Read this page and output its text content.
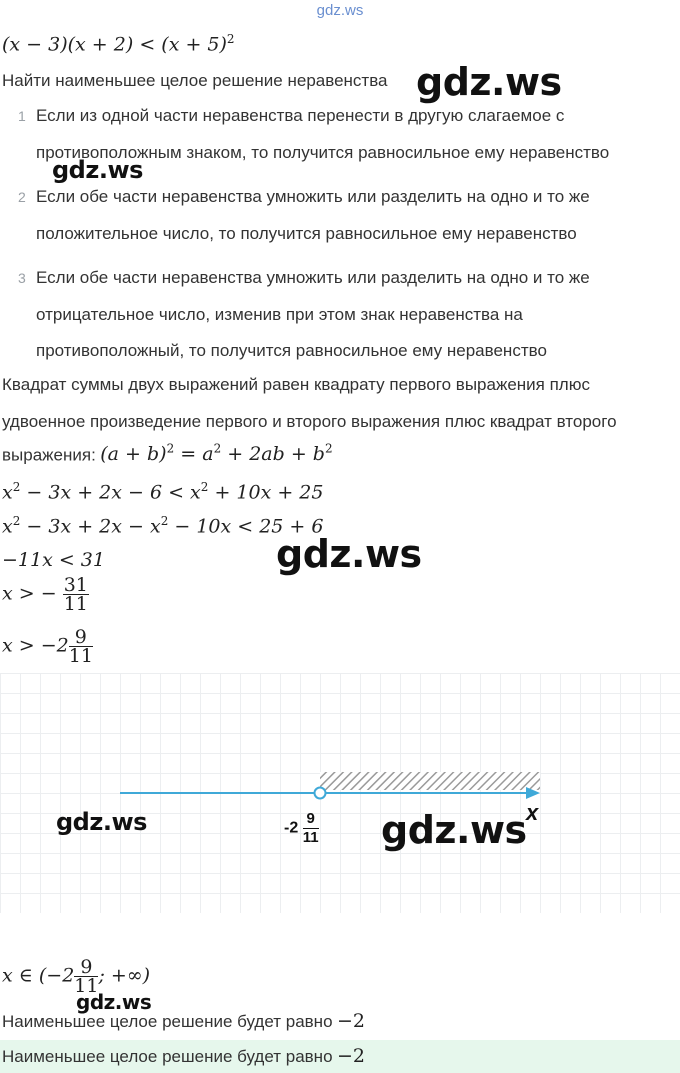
gdz.ws
$(x - 3)(x + 2) < (x + 5)^2$
Найти наименьшее целое решение неравенства
1 Если из одной части неравенства перенести в другую слагаемое с
противоположным знаком, то получится равносильное ему неравенство
2 Если обе части неравенства умножить или разделить на одно и то же
положительное число, то получится равносильное ему неравенство
3 Если обе части неравенства умножить или разделить на одно и то же
отрицательное число, изменив при этом знак неравенства на
противоположный, то получится равносильное ему неравенство
Квадрат суммы двух выражений равен квадрату первого выражения плюс
удвоенное произведение первого и второго выражения плюс квадрат второго
выражения: $(a + b)^2 = a^2 + 2ab + b^2$
$x^2 - 3x + 2x - 6 < x^2 + 10x + 25$
$x^2 - 3x + 2x - x^2 - 10x < 25 + 6$
−11x < 31
x > − $\frac{31}{11}$
$x > -2 \frac{9}{11}$
$-2 \frac{9}{11}$	x
x ∈ ($-2 \frac{9}{11}$ ; +∞)
Наименьшее целое решение будет равно −2
Наименьшее целое решение будет равно −2
gdz.ws
gdz.ws
gdz.ws
gdz.ws	gdz.ws
gdz.ws
